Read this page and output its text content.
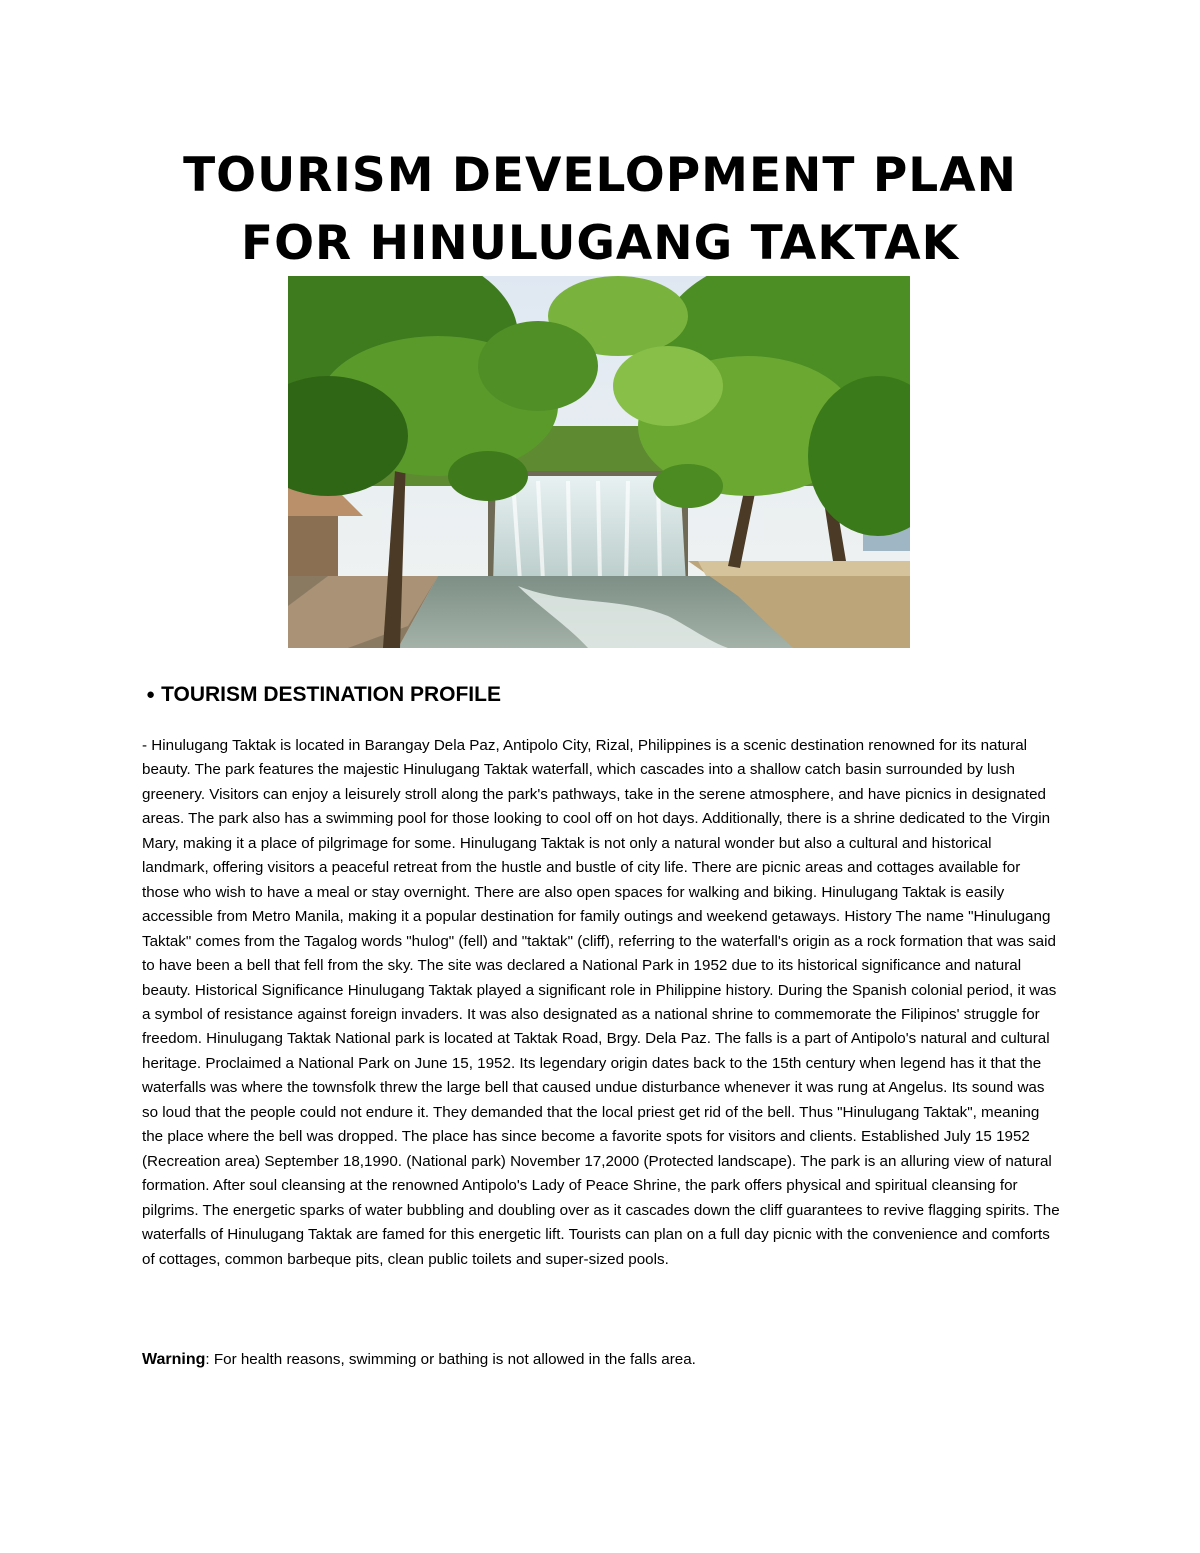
TOURISM DEVELOPMENT PLAN
FOR HINULUGANG TAKTAK
● TOURISM DESTINATION PROFILE

- Hinulugang Taktak is located in Barangay Dela Paz, Antipolo City, Rizal, Philippines is a scenic destination renowned for its natural beauty. The park features the majestic Hinulugang Taktak waterfall, which cascades into a shallow catch basin surrounded by lush greenery. Visitors can enjoy a leisurely stroll along the park's pathways, take in the serene atmosphere, and have picnics in designated areas. The park also has a swimming pool for those looking to cool off on hot days. Additionally, there is a shrine dedicated to the Virgin Mary, making it a place of pilgrimage for some. Hinulugang Taktak is not only a natural wonder but also a cultural and historical landmark, offering visitors a peaceful retreat from the hustle and bustle of city life. There are picnic areas and cottages available for those who wish to have a meal or stay overnight. There are also open spaces for walking and biking. Hinulugang Taktak is easily accessible from Metro Manila, making it a popular destination for family outings and weekend getaways. History The name "Hinulugang Taktak" comes from the Tagalog words "hulog" (fell) and "taktak" (cliff), referring to the waterfall's origin as a rock formation that was said to have been a bell that fell from the sky. The site was declared a National Park in 1952 due to its historical significance and natural beauty. Historical Significance Hinulugang Taktak played a significant role in Philippine history. During the Spanish colonial period, it was a symbol of resistance against foreign invaders. It was also designated as a national shrine to commemorate the Filipinos' struggle for freedom. Hinulugang Taktak National park is located at Taktak Road, Brgy. Dela Paz. The falls is a part of Antipolo's natural and cultural heritage. Proclaimed a National Park on June 15, 1952. Its legendary origin dates back to the 15th century when legend has it that the waterfalls was where the townsfolk threw the large bell that caused undue disturbance whenever it was rung at Angelus. Its sound was so loud that the people could not endure it. They demanded that the local priest get rid of the bell. Thus "Hinulugang Taktak", meaning the place where the bell was dropped. The place has since become a favorite spots for visitors and clients. Established July 15 1952 (Recreation area) September 18,1990. (National park) November 17,2000 (Protected landscape). The park is an alluring view of natural formation. After soul cleansing at the renowned Antipolo's Lady of Peace Shrine, the park offers physical and spiritual cleansing for pilgrims. The energetic sparks of water bubbling and doubling over as it cascades down the cliff guarantees to revive flagging spirits. The waterfalls of Hinulugang Taktak are famed for this energetic lift. Tourists can plan on a full day picnic with the convenience and comforts of cottages, common barbeque pits, clean public toilets and super-sized pools.

Warning: For health reasons, swimming or bathing is not allowed in the falls area.
